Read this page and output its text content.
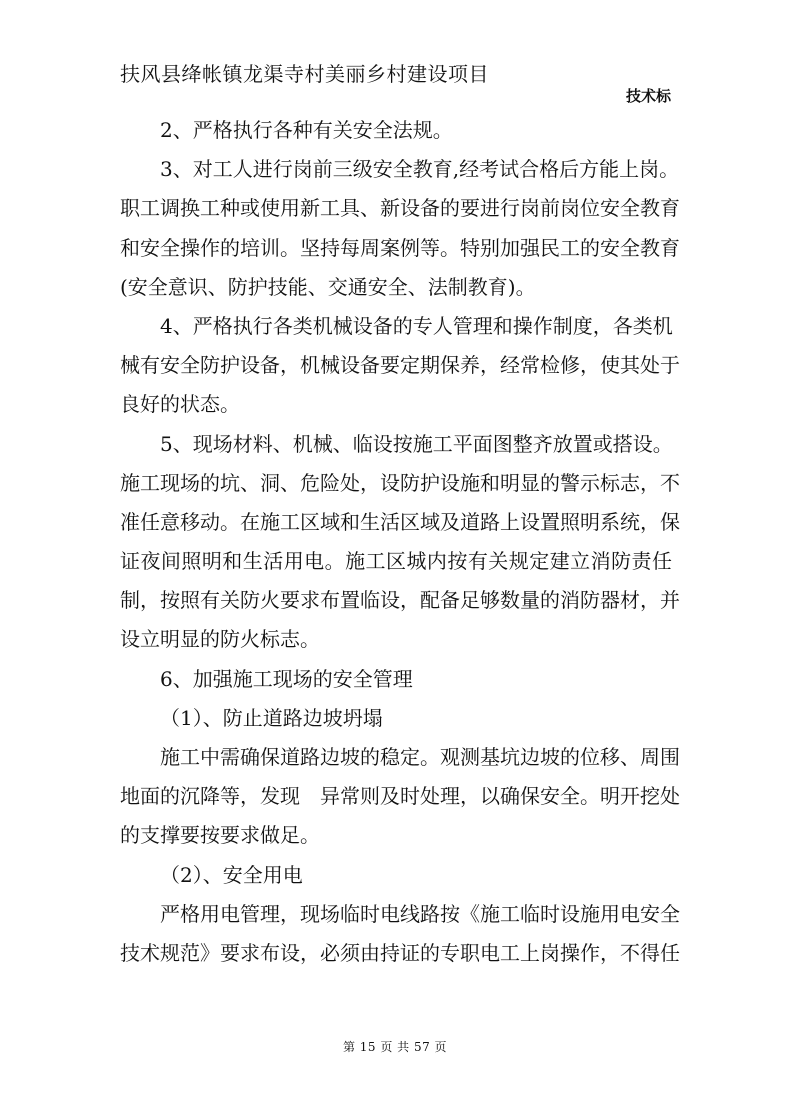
扶风县绛帐镇龙渠寺村美丽乡村建设项目
技术标
2、严格执行各种有关安全法规。
3、对工人进行岗前三级安全教育,经考试合格后方能上岗。
职工调换工种或使用新工具、新设备的要进行岗前岗位安全教育
和安全操作的培训。坚持每周案例等。特别加强民工的安全教育
(安全意识、防护技能、交通安全、法制教育)。
4、严格执行各类机械设备的专人管理和操作制度，各类机
械有安全防护设备，机械设备要定期保养，经常检修，使其处于
良好的状态。
5、现场材料、机械、临设按施工平面图整齐放置或搭设。
施工现场的坑、洞、危险处，设防护设施和明显的警示标志，不
准任意移动。在施工区域和生活区域及道路上设置照明系统，保
证夜间照明和生活用电。施工区城内按有关规定建立消防责任
制，按照有关防火要求布置临设，配备足够数量的消防器材，并
设立明显的防火标志。
6、加强施工现场的安全管理
（1）、防止道路边坡坍塌
施工中需确保道路边坡的稳定。观测基坑边坡的位移、周围
地面的沉降等，发现　异常则及时处理，以确保安全。明开挖处
的支撑要按要求做足。
（2）、安全用电
严格用电管理，现场临时电线路按《施工临时设施用电安全
技术规范》要求布设，必须由持证的专职电工上岗操作，不得任
第 15 页 共 57 页
